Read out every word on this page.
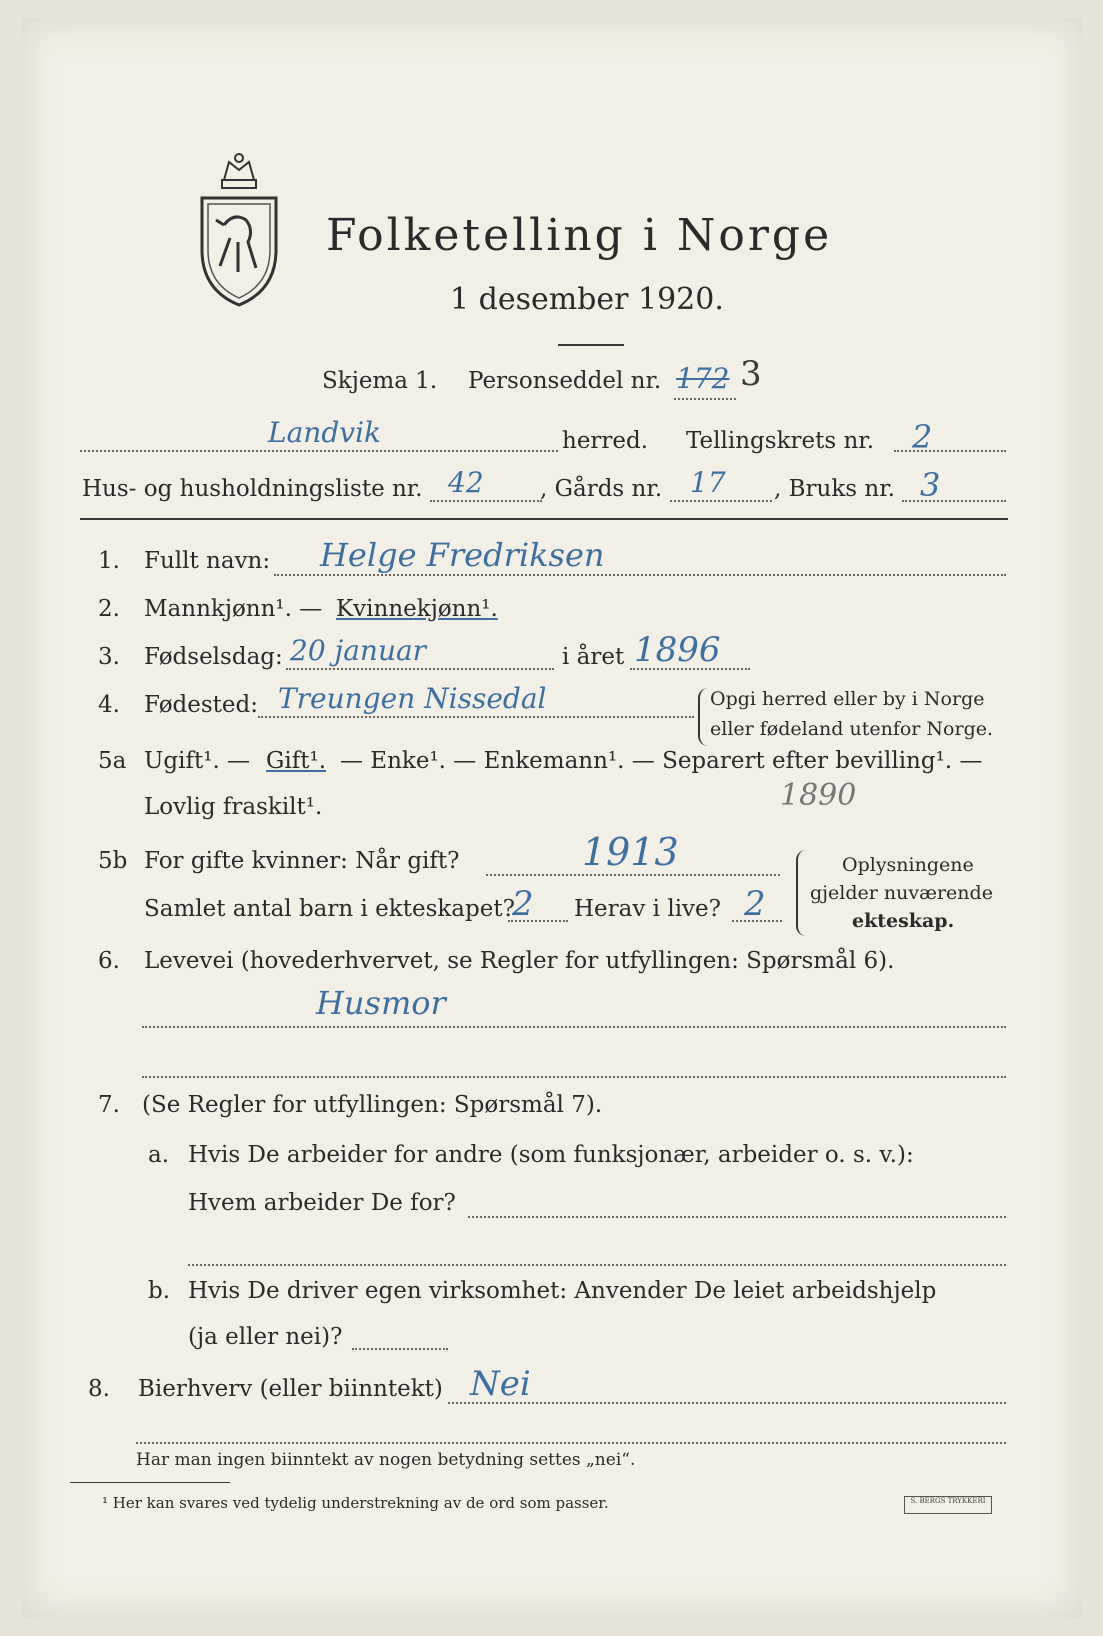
Folketelling i Norge
1 desember 1920.
Skjema 1. Personseddel nr. 172 3
Landvik	herred. Tellingskrets nr. 2
Hus- og husholdningsliste nr. 42 , Gårds nr. 17 , Bruks nr. 3
1. Fullt navn: Helge Fredriksen
2. Mannkjønn¹. — Kvinnekjønn¹.
3. Fødselsdag: 20 januar	i året 1896
4. Fødested: Treungen Nissedal	Opgi herred eller by i Norge
eller fødeland utenfor Norge.
5a Ugift¹. — Gift¹. — Enke¹. — Enkemann¹. — Separert efter bevilling¹. —
Lovlig fraskilt¹.	1890
5b For gifte kvinner: Når gift?	1913
Samlet antal barn i ekteskapet?
2 Herav i live? 2
Oplysningene
gjelder nuværende
ekteskap.
6. Levevei (hovederhvervet, se Regler for utfyllingen: Spørsmål 6).
Husmor
7. (Se Regler for utfyllingen: Spørsmål 7).
a. Hvis De arbeider for andre (som funksjonær, arbeider o. s. v.):
Hvem arbeider De for?
b. Hvis De driver egen virksomhet: Anvender De leiet arbeidshjelp
(ja eller nei)?
8. Bierhverv (eller biinntekt) Nei
Har man ingen biinntekt av nogen betydning settes „nei“.
¹ Her kan svares ved tydelig understrekning av de ord som passer.	S. BERGS TRYKKERI
